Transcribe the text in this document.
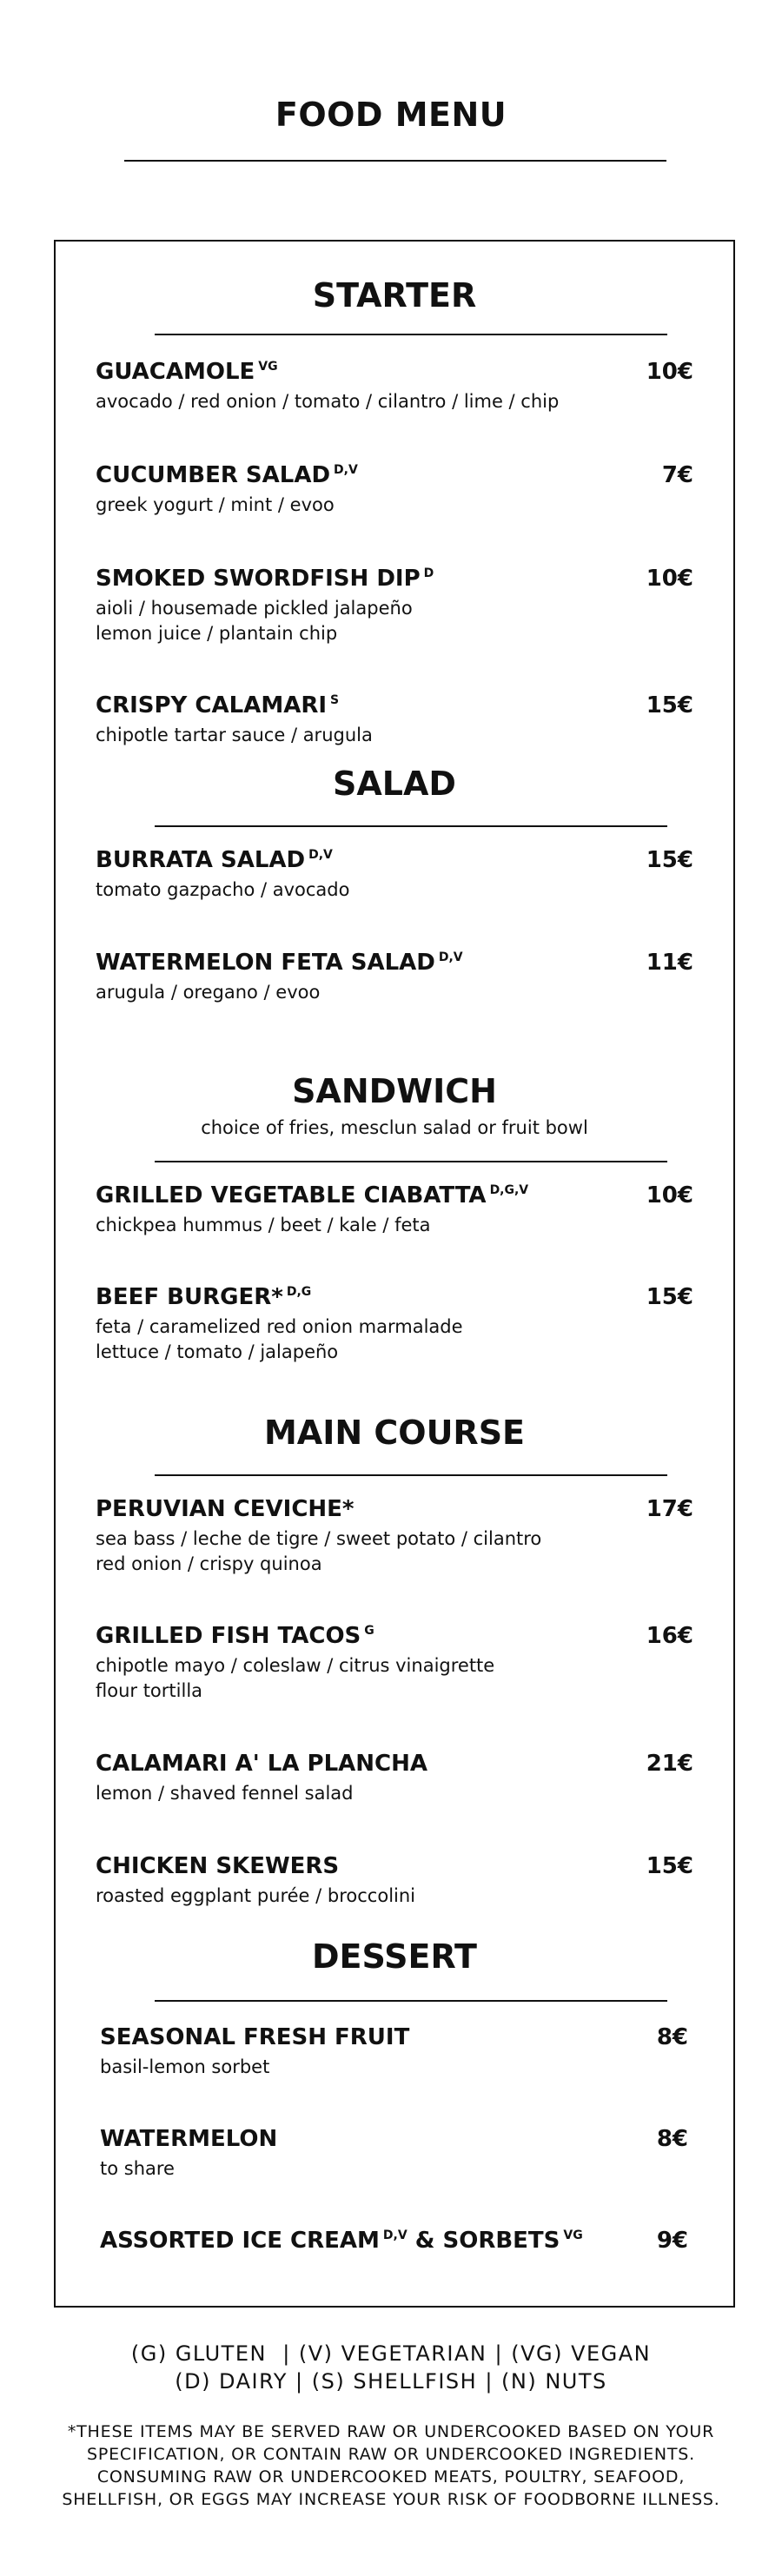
FOOD MENU
STARTER
GUACAMOLE $^{VG}$	10€
avocado / red onion / tomato / cilantro / lime / chip
CUCUMBER SALAD $^{D,V}$	7€
greek yogurt / mint / evoo
SMOKED SWORDFISH DIP $^D$	10€
aioli / housemade pickled jalapeño
lemon juice / plantain chip
CRISPY CALAMARI $^S$	15€
chipotle tartar sauce / arugula
SALAD
BURRATA SALAD $^{D,V}$	15€
tomato gazpacho / avocado
WATERMELON FETA SALAD $^{D,V}$	11€
arugula / oregano / evoo
SANDWICH
choice of fries, mesclun salad or fruit bowl
GRILLED VEGETABLE CIABATTA $^{D,G,V}$	10€
chickpea hummus / beet / kale / feta
BEEF BURGER* $^{D,G}$	15€
feta / caramelized red onion marmalade
lettuce / tomato / jalapeño
MAIN COURSE
PERUVIAN CEVICHE*	17€
sea bass / leche de tigre / sweet potato / cilantro
red onion / crispy quinoa
GRILLED FISH TACOS $^G$	16€
chipotle mayo / coleslaw / citrus vinaigrette
flour tortilla
CALAMARI A' LA PLANCHA	21€
lemon / shaved fennel salad
CHICKEN SKEWERS	15€
roasted eggplant purée / broccolini
DESSERT
SEASONAL FRESH FRUIT	8€
basil-lemon sorbet
WATERMELON	8€
to share
ASSORTED ICE CREAM $^{D,V}$ & SORBETS $^{VG}$	9€
(G) GLUTEN  | (V) VEGETARIAN | (VG) VEGAN
(D) DAIRY | (S) SHELLFISH | (N) NUTS
*THESE ITEMS MAY BE SERVED RAW OR UNDERCOOKED BASED ON YOUR
SPECIFICATION, OR CONTAIN RAW OR UNDERCOOKED INGREDIENTS.
CONSUMING RAW OR UNDERCOOKED MEATS, POULTRY, SEAFOOD,
SHELLFISH, OR EGGS MAY INCREASE YOUR RISK OF FOODBORNE ILLNESS.
